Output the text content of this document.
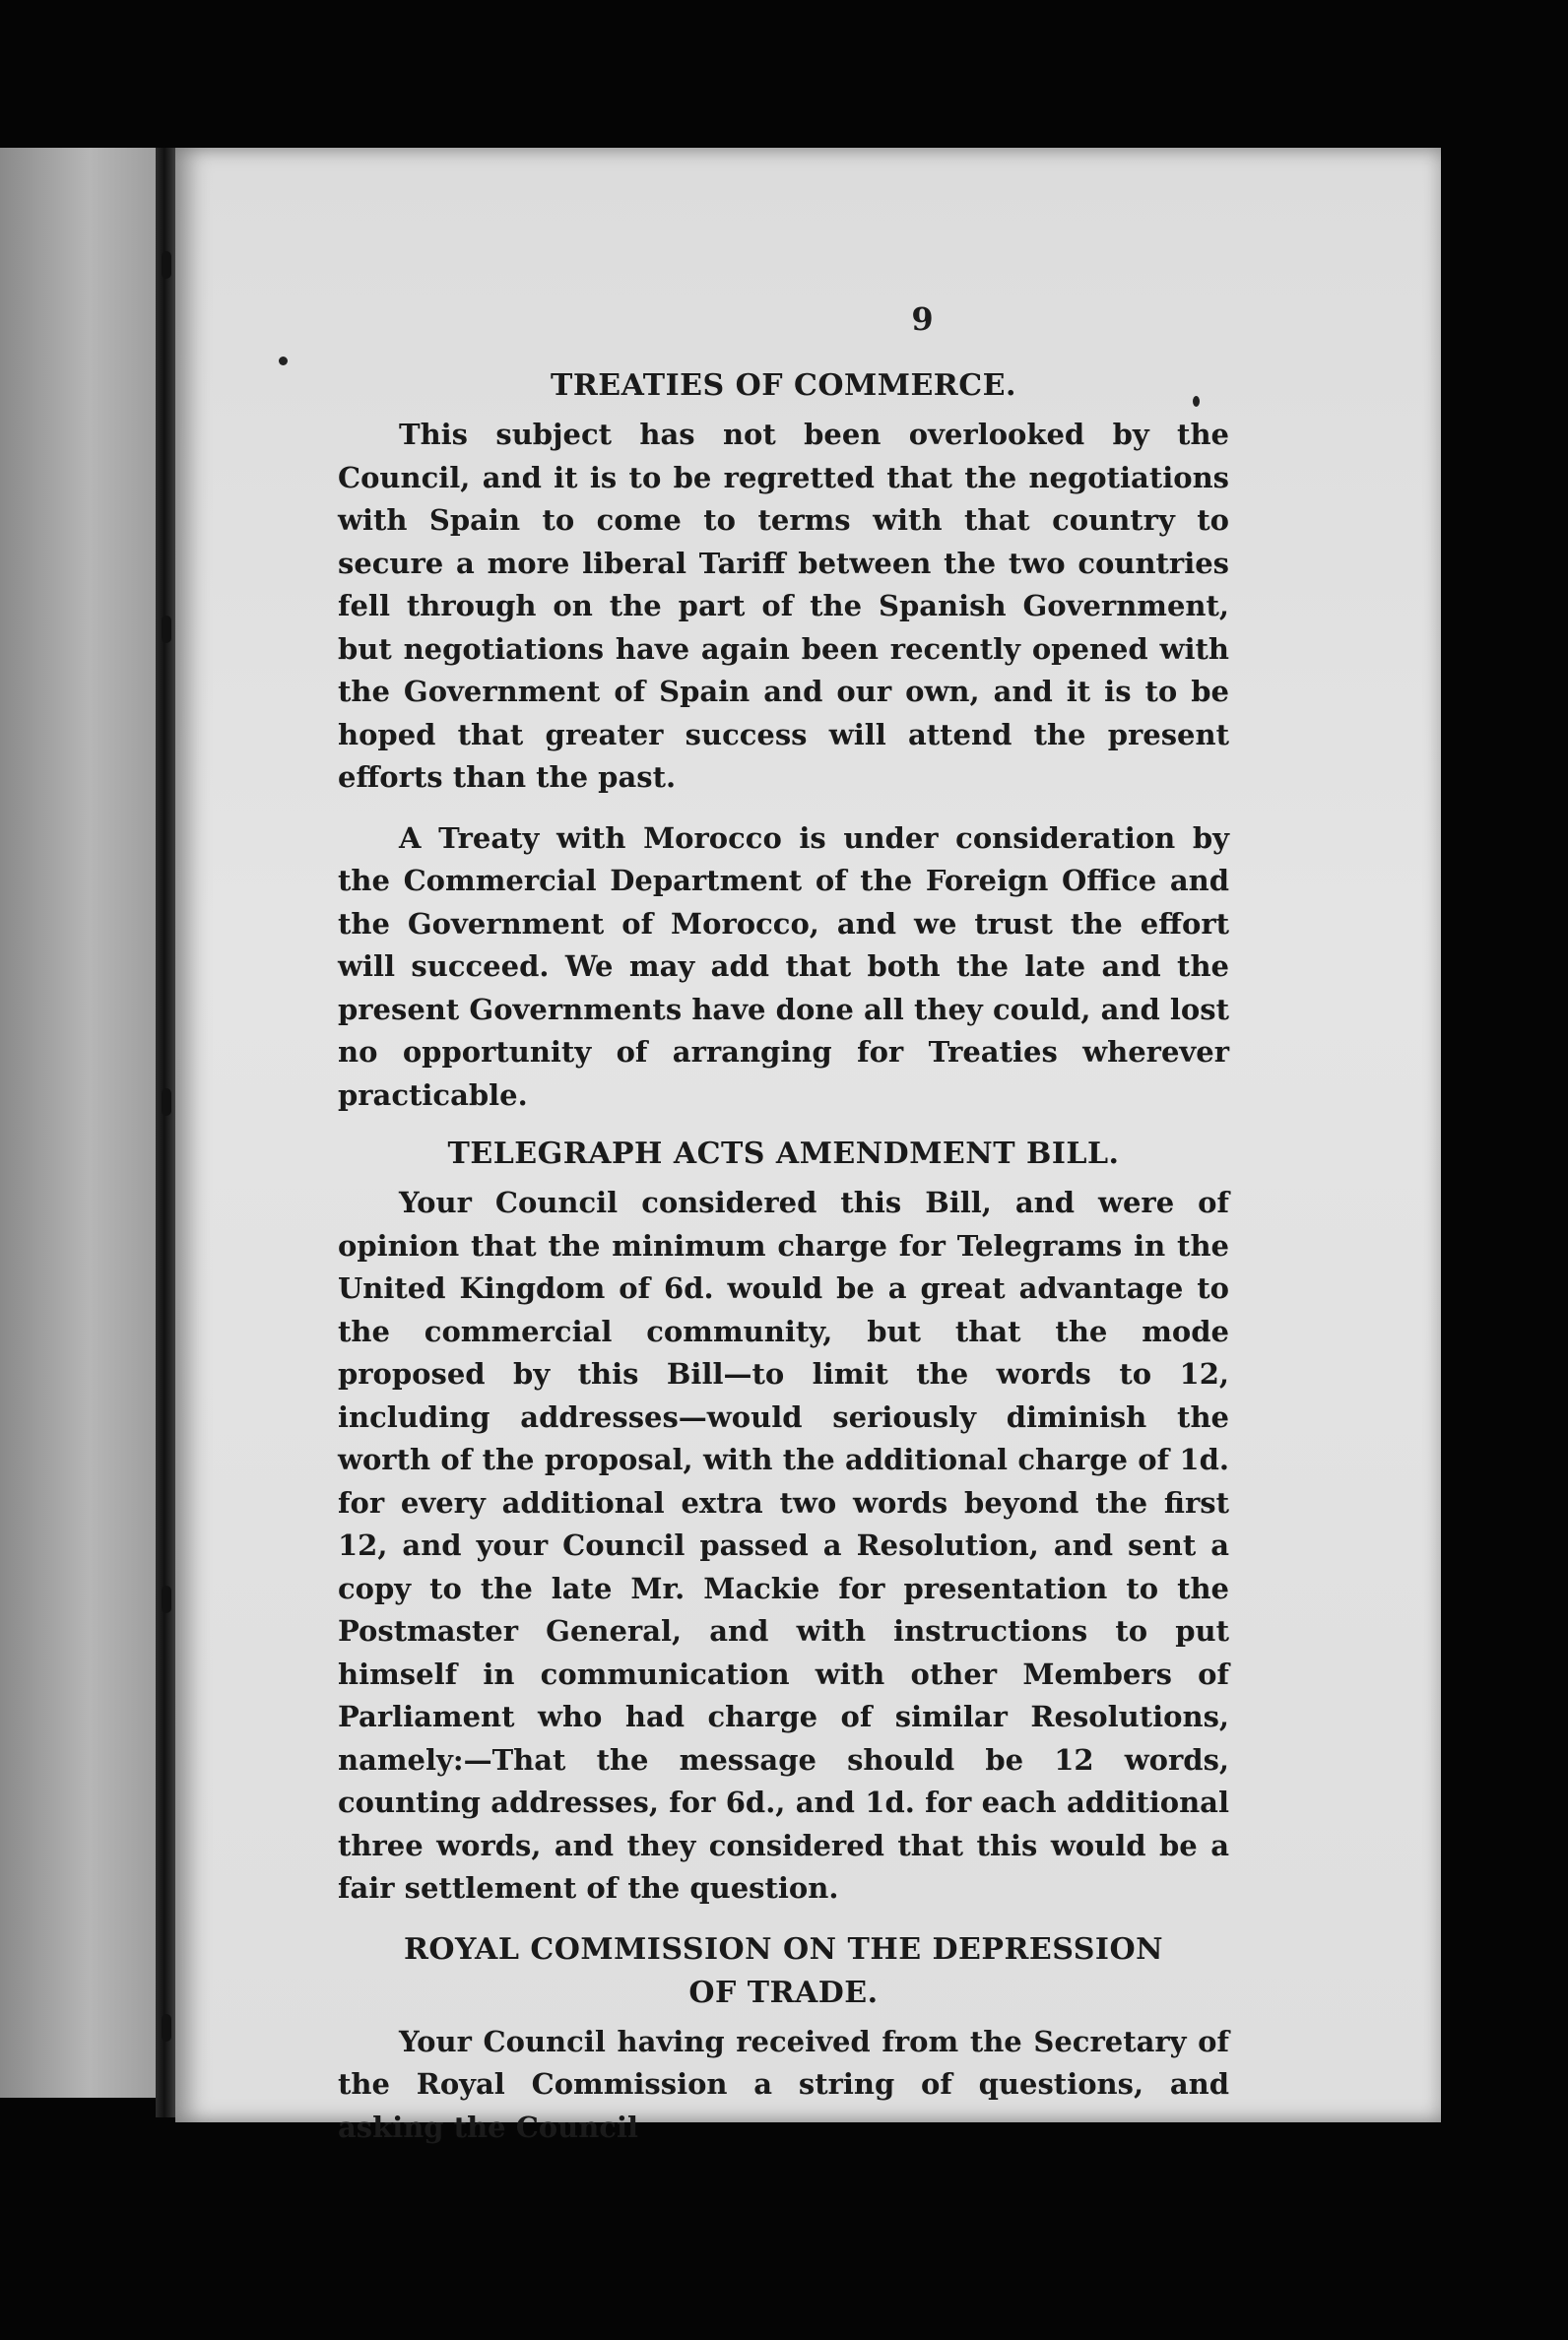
9
TREATIES OF COMMERCE.

This subject has not been overlooked by the Council, and it is to be regretted that the negotiations with Spain to come to terms with that country to secure a more liberal Tariff between the two countries fell through on the part of the Spanish Government, but negotiations have again been recently opened with the Government of Spain and our own, and it is to be hoped that greater success will attend the present efforts than the past.

A Treaty with Morocco is under consideration by the Commercial Department of the Foreign Office and the Government of Morocco, and we trust the effort will succeed. We may add that both the late and the present Governments have done all they could, and lost no opportunity of arranging for Treaties wherever practicable.

TELEGRAPH ACTS AMENDMENT BILL.

Your Council considered this Bill, and were of opinion that the minimum charge for Telegrams in the United Kingdom of 6d. would be a great advantage to the commercial community, but that the mode proposed by this Bill—to limit the words to 12, including addresses—would seriously diminish the worth of the proposal, with the additional charge of 1d. for every additional extra two words beyond the first 12, and your Council passed a Resolution, and sent a copy to the late Mr. Mackie for presentation to the Postmaster General, and with instructions to put himself in communication with other Members of Parliament who had charge of similar Resolutions, namely:—That the message should be 12 words, counting addresses, for 6d., and 1d. for each additional three words, and they considered that this would be a fair settlement of the question.

ROYAL COMMISSION ON THE DEPRESSION
OF TRADE.

Your Council having received from the Secretary of the Royal Commission a string of questions, and asking the Council
